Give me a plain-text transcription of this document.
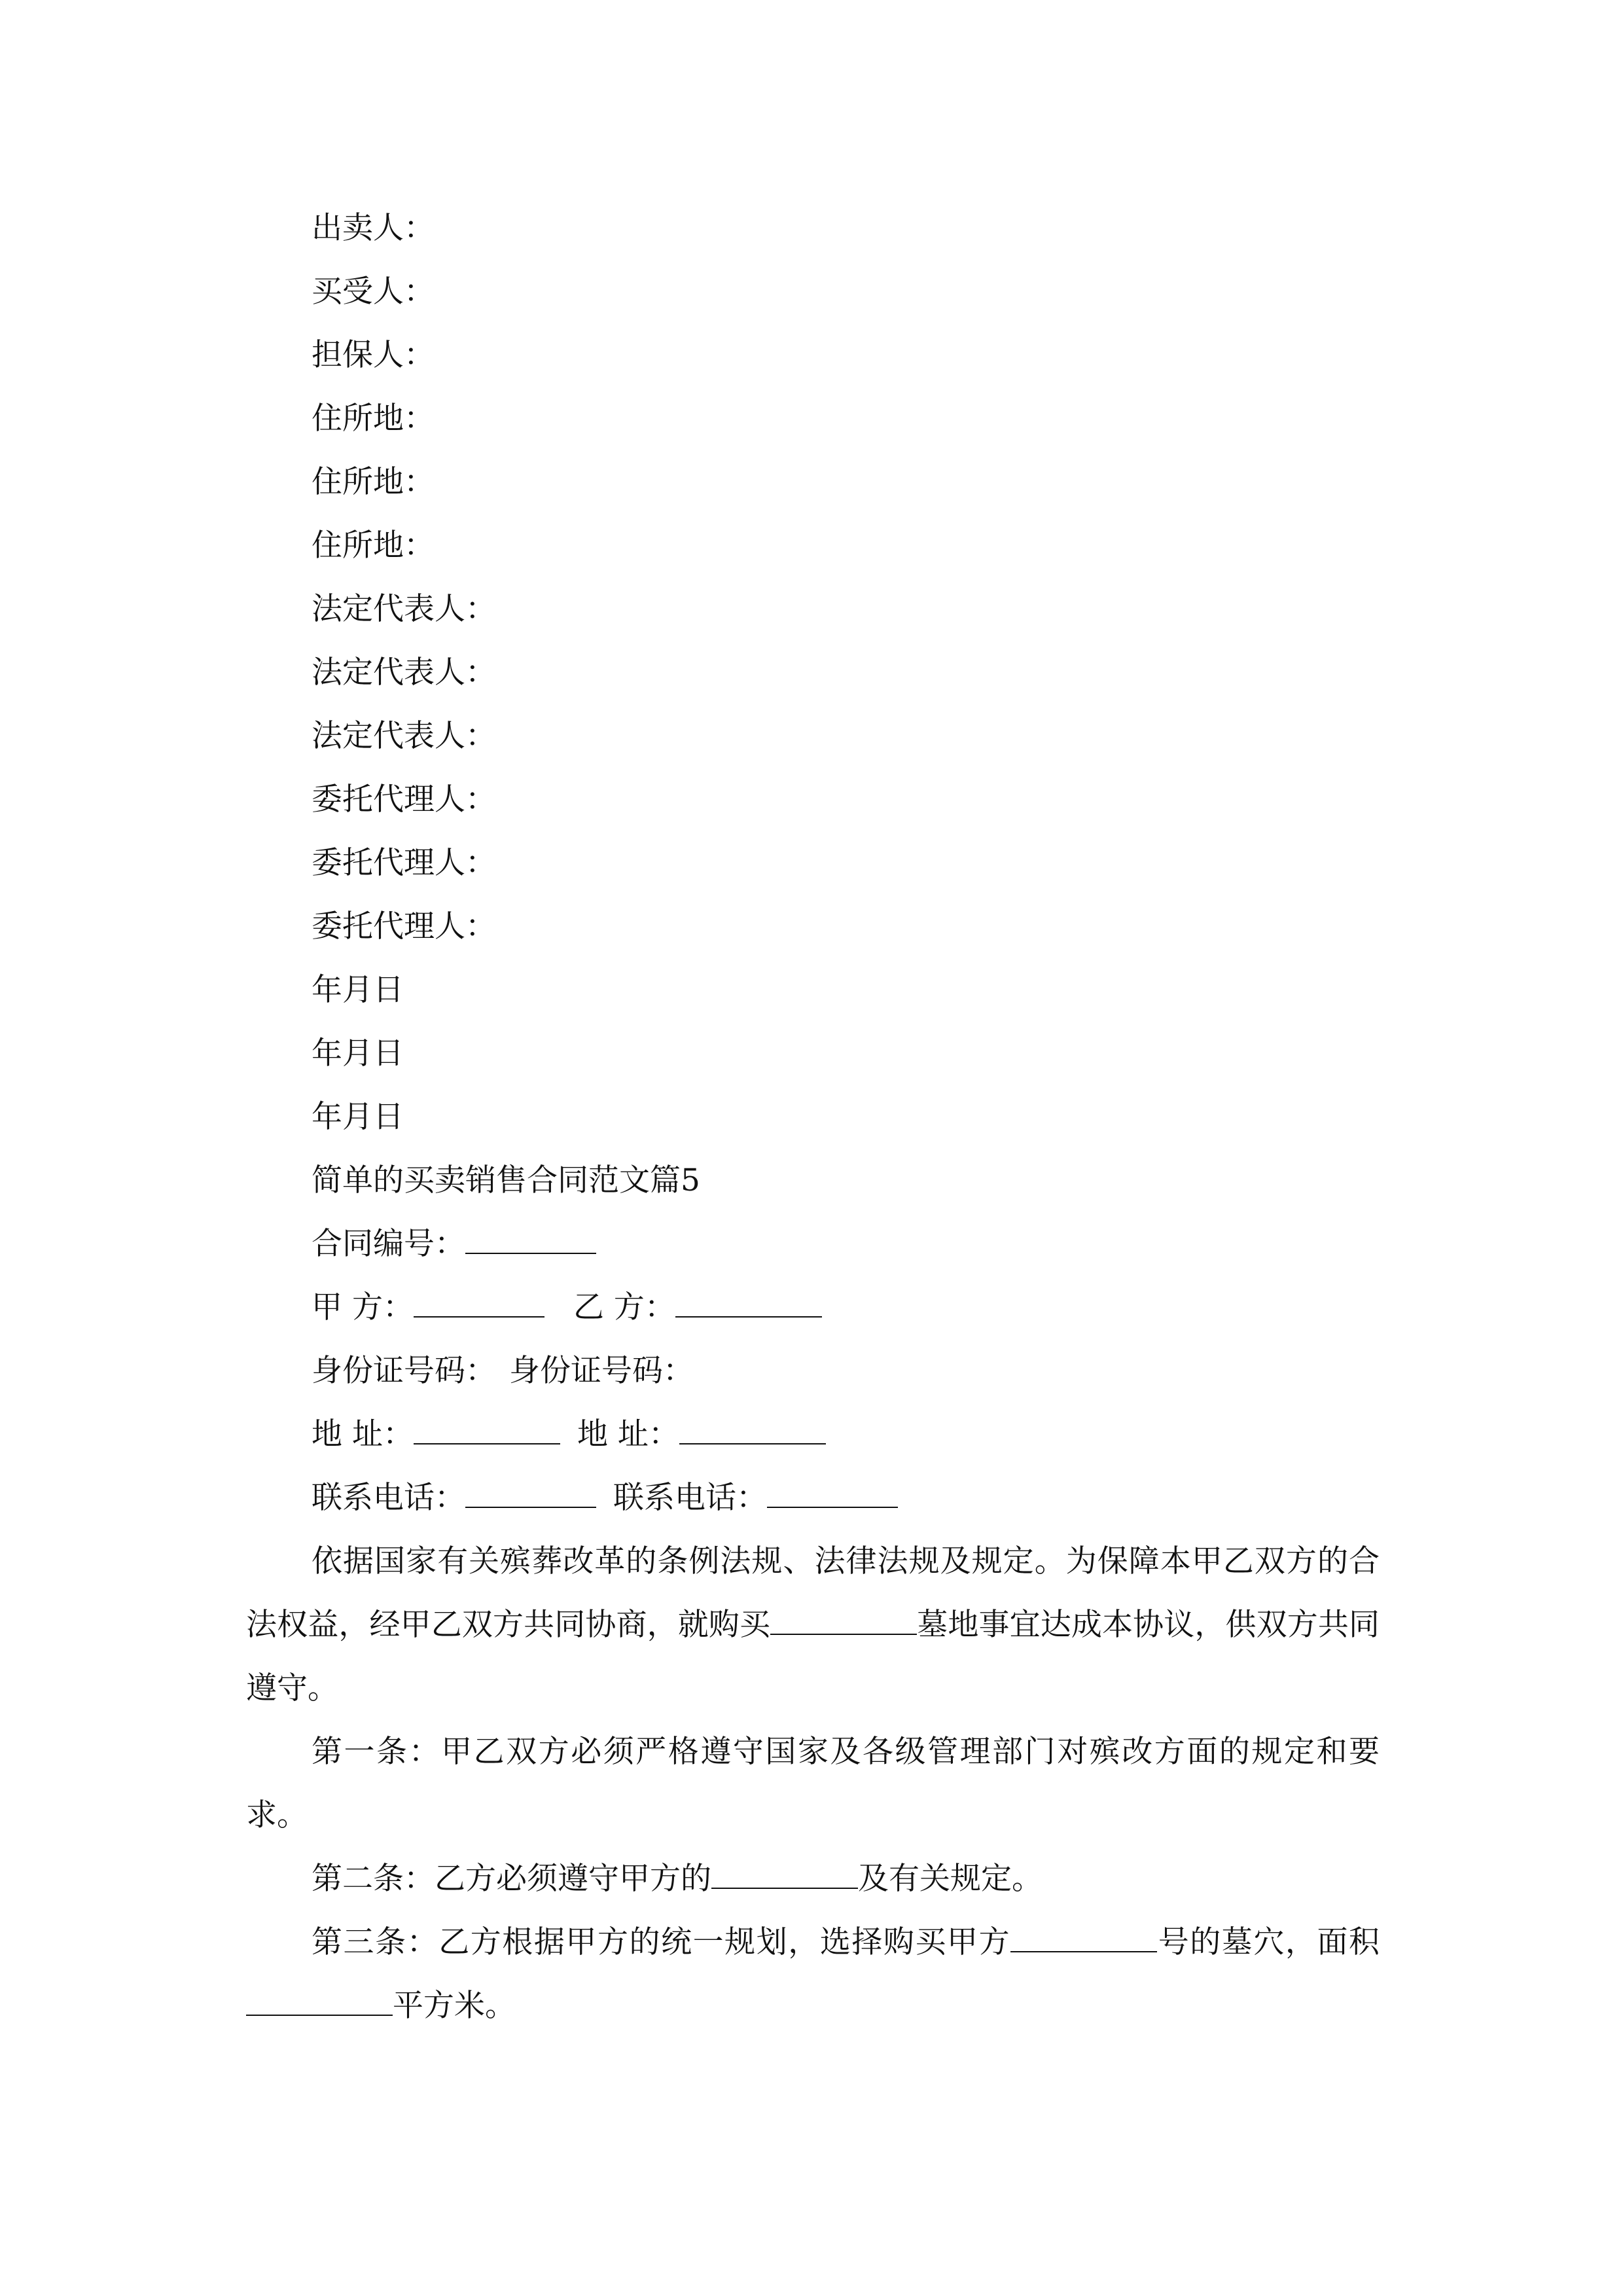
出卖人：
买受人：
担保人：
住所地：
住所地：
住所地：
法定代表人：
法定代表人：
法定代表人：
委托代理人：
委托代理人：
委托代理人：
年月日
年月日
年月日
简单的买卖销售合同范文篇5
合同编号：
甲 方：	乙 方：
身份证号码： 身份证号码：
地 址：	地 址：
联系电话：	联系电话：
依据国家有关殡葬改革的条例法规、法律法规及规定。为保障本甲乙双方的合法权益，经甲乙双方共同协商，就购买	墓地事宜达成本协议，供双方共同遵守。
第一条：甲乙双方必须严格遵守国家及各级管理部门对殡改方面的规定和要求。
第二条：乙方必须遵守甲方的	及有关规定。
第三条：乙方根据甲方的统一规划，选择购买甲方	号的墓穴，面积平方米。
